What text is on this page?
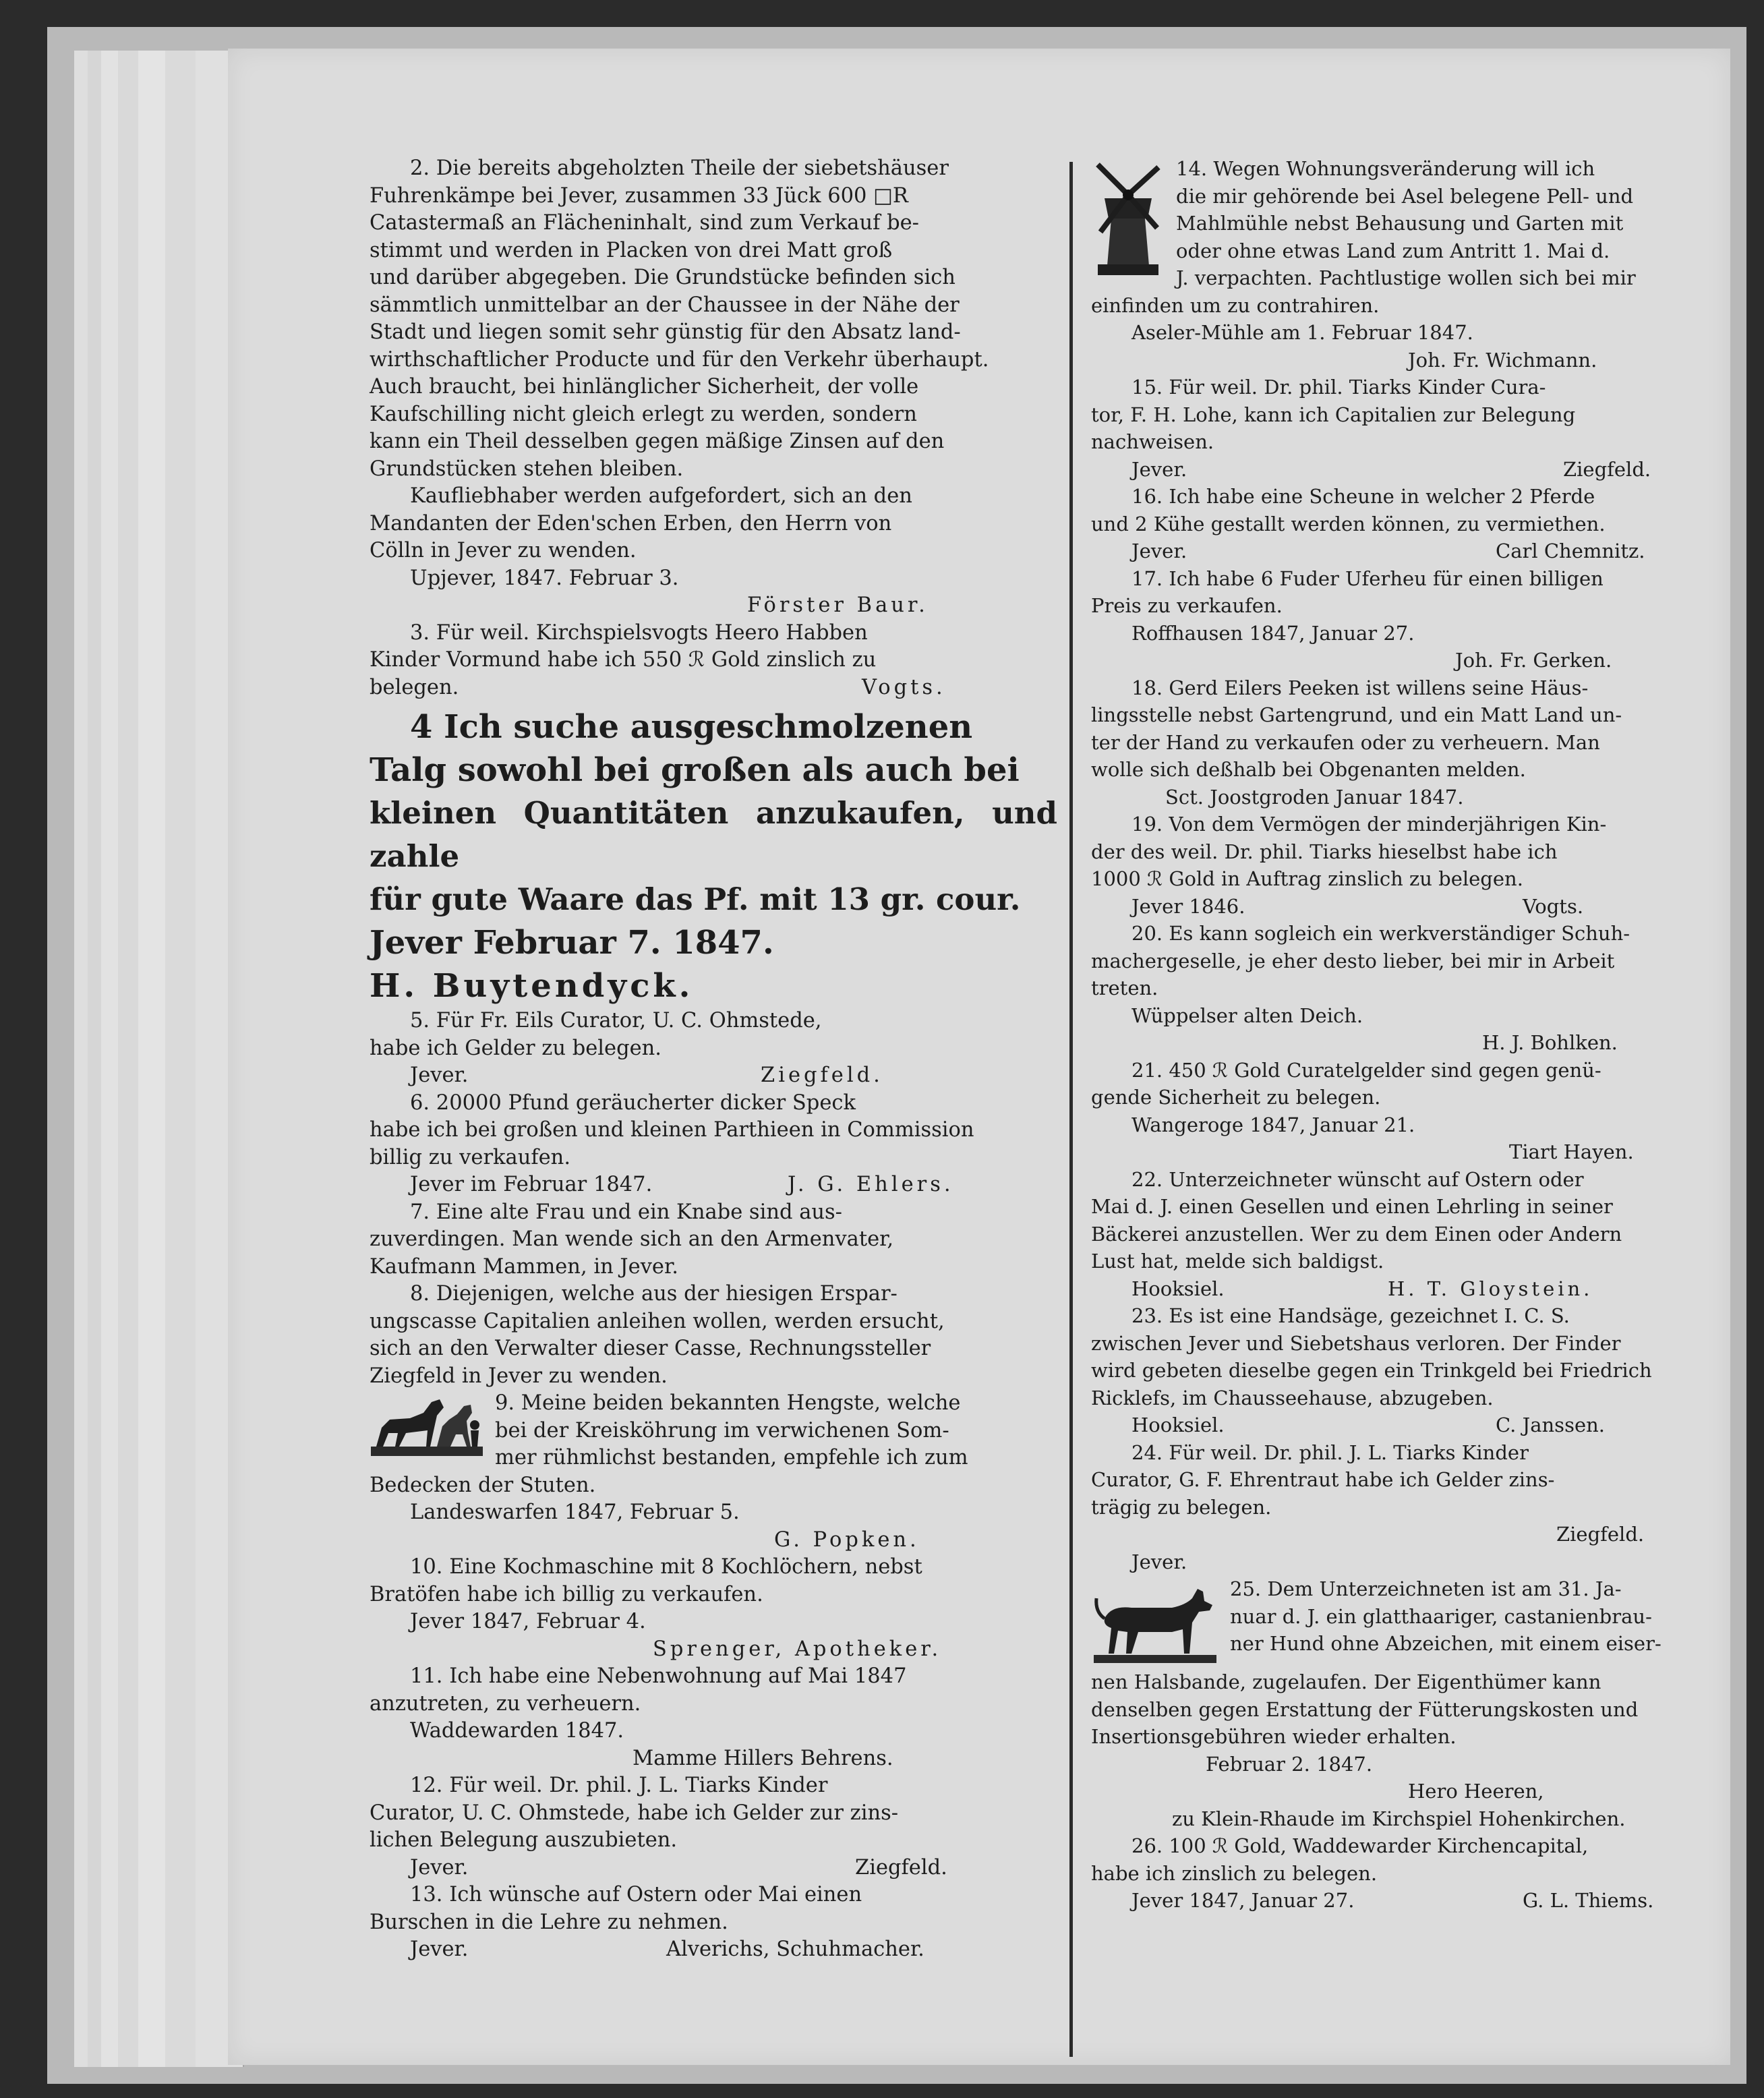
2. Die bereits abgeholzten Theile der siebetshäuser

Fuhrenkämpe bei Jever, zusammen 33 Jück 600 □R

Catastermaß an Flächeninhalt, sind zum Verkauf be-

stimmt und werden in Placken von drei Matt groß

und darüber abgegeben. Die Grundstücke befinden sich

sämmtlich unmittelbar an der Chaussee in der Nähe der

Stadt und liegen somit sehr günstig für den Absatz land-

wirthschaftlicher Producte und für den Verkehr überhaupt.

Auch braucht, bei hinlänglicher Sicherheit, der volle

Kaufschilling nicht gleich erlegt zu werden, sondern

kann ein Theil desselben gegen mäßige Zinsen auf den

Grundstücken stehen bleiben.

Kaufliebhaber werden aufgefordert, sich an den

Mandanten der Eden'schen Erben, den Herrn von

Cölln in Jever zu wenden.

Upjever, 1847. Februar 3.

Förster Baur.

3. Für weil. Kirchspielsvogts Heero Habben

Kinder Vormund habe ich 550 ℛ Gold zinslich zu

belegen.	Vogts.

4 Ich suche ausgeschmolzenen

Talg sowohl bei großen als auch bei

kleinen Quantitäten anzukaufen, und zahle

für gute Waare das Pf. mit 13 gr. cour.

Jever Februar 7. 1847.

H. Buytendyck.

5. Für Fr. Eils Curator, U. C. Ohmstede,

habe ich Gelder zu belegen.

Jever.	Ziegfeld.

6. 20000 Pfund geräucherter dicker Speck

habe ich bei großen und kleinen Parthieen in Commission

billig zu verkaufen.

Jever im Februar 1847.	J. G. Ehlers.

7. Eine alte Frau und ein Knabe sind aus-

zuverdingen. Man wende sich an den Armenvater,

Kaufmann Mammen, in Jever.

8. Diejenigen, welche aus der hiesigen Erspar-

ungscasse Capitalien anleihen wollen, werden ersucht,

sich an den Verwalter dieser Casse, Rechnungssteller

Ziegfeld in Jever zu wenden.

9. Meine beiden bekannten Hengste, welche

bei der Kreisköhrung im verwichenen Som-

mer rühmlichst bestanden, empfehle ich zum

Bedecken der Stuten.

Landeswarfen 1847, Februar 5.

G. Popken.

10. Eine Kochmaschine mit 8 Kochlöchern, nebst

Bratöfen habe ich billig zu verkaufen.

Jever 1847, Februar 4.

Sprenger, Apotheker.

11. Ich habe eine Nebenwohnung auf Mai 1847

anzutreten, zu verheuern.

Waddewarden 1847.

Mamme Hillers Behrens.

12. Für weil. Dr. phil. J. L. Tiarks Kinder

Curator, U. C. Ohmstede, habe ich Gelder zur zins-

lichen Belegung auszubieten.

Jever.	Ziegfeld.

13. Ich wünsche auf Ostern oder Mai einen

Burschen in die Lehre zu nehmen.

Jever.	Alverichs, Schuhmacher.

14. Wegen Wohnungsveränderung will ich

die mir gehörende bei Asel belegene Pell- und

Mahlmühle nebst Behausung und Garten mit

oder ohne etwas Land zum Antritt 1. Mai d.

J. verpachten. Pachtlustige wollen sich bei mir

einfinden um zu contrahiren.

Aseler-Mühle am 1. Februar 1847.

Joh. Fr. Wichmann.

15. Für weil. Dr. phil. Tiarks Kinder Cura-

tor, F. H. Lohe, kann ich Capitalien zur Belegung

nachweisen.

Jever.	Ziegfeld.

16. Ich habe eine Scheune in welcher 2 Pferde

und 2 Kühe gestallt werden können, zu vermiethen.

Jever.	Carl Chemnitz.

17. Ich habe 6 Fuder Uferheu für einen billigen

Preis zu verkaufen.

Roffhausen 1847, Januar 27.

Joh. Fr. Gerken.

18. Gerd Eilers Peeken ist willens seine Häus-

lingsstelle nebst Gartengrund, und ein Matt Land un-

ter der Hand zu verkaufen oder zu verheuern. Man

wolle sich deßhalb bei Obgenanten melden.

Sct. Joostgroden Januar 1847.

19. Von dem Vermögen der minderjährigen Kin-

der des weil. Dr. phil. Tiarks hieselbst habe ich

1000 ℛ Gold in Auftrag zinslich zu belegen.

Jever 1846.	Vogts.

20. Es kann sogleich ein werkverständiger Schuh-

machergeselle, je eher desto lieber, bei mir in Arbeit

treten.

Wüppelser alten Deich.

H. J. Bohlken.

21. 450 ℛ Gold Curatelgelder sind gegen genü-

gende Sicherheit zu belegen.

Wangeroge 1847, Januar 21.

Tiart Hayen.

22. Unterzeichneter wünscht auf Ostern oder

Mai d. J. einen Gesellen und einen Lehrling in seiner

Bäckerei anzustellen. Wer zu dem Einen oder Andern

Lust hat, melde sich baldigst.

Hooksiel.	H. T. Gloystein.

23. Es ist eine Handsäge, gezeichnet I. C. S.

zwischen Jever und Siebetshaus verloren. Der Finder

wird gebeten dieselbe gegen ein Trinkgeld bei Friedrich

Ricklefs, im Chausseehause, abzugeben.

Hooksiel.	C. Janssen.

24. Für weil. Dr. phil. J. L. Tiarks Kinder

Curator, G. F. Ehrentraut habe ich Gelder zins-

trägig zu belegen.

Ziegfeld.

Jever.

25. Dem Unterzeichneten ist am 31. Ja-

nuar d. J. ein glatthaariger, castanienbrau-

ner Hund ohne Abzeichen, mit einem eiser-

nen Halsbande, zugelaufen. Der Eigenthümer kann

denselben gegen Erstattung der Fütterungskosten und

Insertionsgebühren wieder erhalten.

Februar 2. 1847.

Hero Heeren,

zu Klein-Rhaude im Kirchspiel Hohenkirchen.

26. 100 ℛ Gold, Waddewarder Kirchencapital,

habe ich zinslich zu belegen.

Jever 1847, Januar 27.	G. L. Thiems.
